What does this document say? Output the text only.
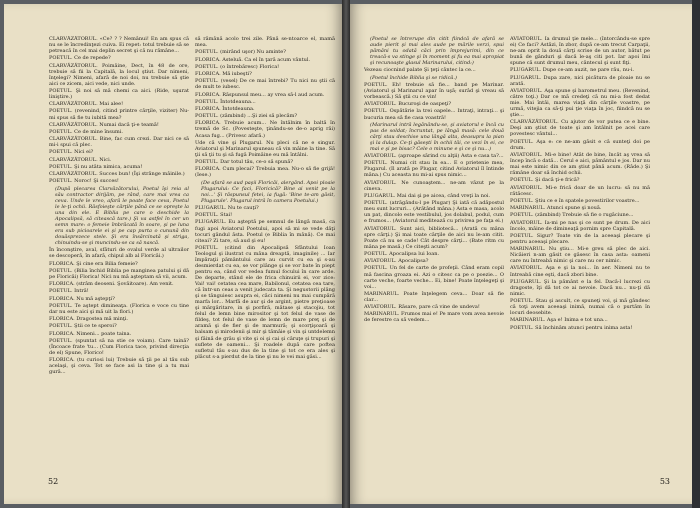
CLARVĂZĂTORUL. «Ce? ? ? Nemănui! En am spus că nu se le încredinţezi cuiva. Ei repet: totul trebuie să se petreacă în cel mai deplin secret şi că nu rămâne...

POETUL. Ce de repede?

CLARVĂZĂTORUL. Poimâine, Dect, în 48 de ore, trebuie să fii la Capitală, la locul ştiut. Dar nimeni, înţelegi? Nimeni, afară de noi doi, nu trebuie să ştie aici ce zicem, aici vede, nici unde.

POETUL. Şi noi să mă chemi ca aici. (Ride, uşurat liniştire.)

CLARVĂZĂTORUL. Mai alee!

POETUL. (revenind, citind printre cărţile, viziter) Nu-mi spus să fie tu iubită mea?

CLARVĂZĂTORUL. Numai dacă ţi-e teamă!

POETUL. Ce de mine însumi.

CLARVĂZĂTORUL. Bine, fac cum crezi. Dar nici ce să mi-i spui că plec.

POETUL. Nici ei?

CLARVĂZĂTORUL. Nici.

POETUL. Şi nu atâta nimica, acuma!

CLARVĂZĂTORUL. Succes bun! (Îşi strânge mâinile.)

POETUL. Noroc! Şi succes!

(După plecarea Clarvăzătorului, Poetul îşi reia al său contractor dirijăm, pe rând, care mai vrea ca ceva. Unde le vreo, afară le poate face ceva, Poetul le le-ţi ochii. Răsfoieşte cărţile până ce se opreşte la una din ele. E Biblia pe care o deschide la Apocalipsă, să citească tare.) Şi va astfel în cer un semn mare: o femeie îmbrăcată în soare, şi pe luna era sub picioarele ei şi pe cap purta o cunună din douăsprezece stele. Şi era însărcinată şi striga, chinuindu-se şi muncindu-se ca să nască.

În înconştire, aval, sfâturi de ovalul verde al ultrailor se descoperă, în afară, chipul alb al Floricăi.)

FLORICA. Şi cine era Bilia femeie?

POETUL. (Bilia închid Biblia pe manginea patului şi dă pe Floricăi) Florica! Nici nu mă aşteptam să vii, acum.

FLORICA. (strâm deoseni. Şovăitoare). Am venit.

POETUL. Intră!

FLORICA. Nu mă aştepţi?

POETUL. Te aştept dimineaţa. (Florica e voce cu tine dar nu este aici şi mă uit la flori.)

FLORICA. Dragostea mă minţi.

POETUL. Ştii ce te speroi?

FLORICA. Nimeni... poate taina.

POETUL. (spuntat să na stie ce voiam). Care taină? (Încoace frate 'tu... (Cum Florica tace, privind direcţia de el) Spune, Florico!

FLORICA. (tu curiosi lui) Trebuie să ţii pe al tău sub acelaşi, şi ceva. Tot se face asi la tine şi a tu mai gură...

să rămână acolo trei zile. Până se-ntoarce el, mamă mea.

POETUL. (mirând uşor) Nu aminte?

FLORICA. Asteluă. Ca el în ţară acum vântul.

POETUL. (o întrebăresc) Florica!

FLORICA. Mă iubeşti?

POETUL. (vesel) De ce mai întrebi? Tu nici nu ştii că de mult te iubesc.

FLORICA. Răspunsul meu... ay vrea să-l aud acum.

POETUL. Întotdeauna...

FLORICA. Întotdeauna.

POETUL. (zâmbind) ...Şi ziei să plecăm?

FLORICA. Trebuie acum... Ne întâlnim în baltă în tremă de Sc. (Povesteşte, ţinându-se de-o aprig răi) Acasa fug... (Privesc afară.)

Ude că vine şi Plugarul. Nu pleci că ne e singur. Aviatorul şi Marinarul spuneau că vin mâine la tine. Să ţii să ţii tu şi să fugă Poimâine eu mă întâlni.

POETUL. Dar totul tău, ce-o să spună?

FLORICA. Cum plecai? Trebuia mea. Nu-o să fie grijă! (Iese.)

(De afară se aud paşii Floricăi, alergând. Apoi ploaie Plugarului: Ce faci, Floricică? Bine ai venit pe la noi...' Şi râspunsul fetei, ia fugă: 'Bine te-am găsit, Plugarule'. Plugarul intră în camera Poetului.)

PLUGARUL. Nu te cauţi?

POETUL. Stai!

PLUGARUL. Eu aşteptă pe semnul de lângă masă, ca fugi apoi Aviatorul Poetului, apoi să mi se vede dăţi tocuri gândul ăsta. Poetul (e Biblia în mână). Ce mai citeai? Zi tare, să aud şi eu!

POETUL. (citind din Apocalipsă Sfântului Ioan Teologul şi ilustrat cu mâna dreaptă, imaginile) ... Iar împăraţii pământului care au curvit cu ea şi s-au desmierdat cu ea, se vor plânge şi se vor bate în piept pentru ea, când vor vedea fumul focului în care arde. De departe, stând ele de frica chinuirii ei, vor zice: Vai! vai! cetatea cea mare, Babilonul, cetatea cea tare, că într-un ceas a venit judecata ta. Şi negustorii plâng şi se tânguiesc asupra ei, căci nimeni nu mai cumpără marfa lor... Marfă de aur şi de argint, pietre preţioase şi mărgăritare, in şi porfiră, mătase şi stacojiu, tot felul de lemn bine mirositor şi tot felul de vase de fildeş, tot felul de vase de lemn de mare preţ şi de aramă şi de fier şi de marmură; şi scorţişoară şi balsam şi mirodenii şi mir şi tămâie şi vin şi untdelemn şi făină de grâu şi vite şi oi şi cai şi căruţe şi trupuri şi suflete de oameni... Şi roadele după care poftea sufletul tău s-au dus de la tine şi tot ce era ales şi plăcut s-a pierdut de la tine şi nu le vei mai găsi...

52

(Poetul se întrerupe din citit fiindcă de afară se aude pierit şi mai ales aude pe mările verzi, spui pămâni tu odată căci prin împrejurimi, din ce treacă-s va stinge şi în moment şi fu ea mai apropiat şi recunoaşte glasul Marinarului, citind:)

Vezeau ciocnind palate Şi ţeţi cântec la ce...

(Poetul închide Biblia şi se ridică.)

POETUL. Eh! trebuie să fie... band pe Marinar. (Aviatorul şi Marinarul apar în uşă; surâd şi vreau să vorbească.) Să ştii cu ce vin!

AVIATORUL. Bucuroşi de oaspeţi?

POETUL. Ospătărie la trei oapele... Intraţi, intraţi... şi bucuria mea să fie casa voastră!

(Marinarul intră legănându-se, şi aviatorul e încă cu pas de soldat; încruntat, pe lângă masă: cele două cărţi stau deschise una lângă alta, deasupra la pian şi la dulap. Ce-ţi găseşti în ochii tăi, ce vezi în ei, ce mai e şi pe bisac? Cele o minune e şi ce şi nu...)

AVIATORUL. (aproape sărind cu alţii) Asta e casa ta?...

POETUL. Numai cit stau în ea... E o prietenie mea, Plugarul. (Il arată pe Plugar, citind Aviatorul îl întinde mâna.) Cu aceasta nu mi-ai spus nimic...

AVIATORUL. Ne cunoaştem... ne-am văzut pe la cineva.

PLUGARUL. Mai dai şi pe aicea, când vreţi la noi.

POETUL. (atrăgându-l pe Plugar) Şi iată că adăpostul meu sunt lucruri... (Arătând mâna.) Asta e masa, acolo un pat, dincolo este vestibulul, jos dolabul, podul, cum e frumos... (Aviatorul meditează cu privirea pe faţa ei.)

AVIATORUL. Sunt aici, bibliotecă... (Arată cu mâna spre cărţi.) Şi mai toate cărţile de aici nu le-am citit. Poate că nu se cade! Cât despre cărţi... (Bate ritm cu mâna pe masă.) Ce citeşti acum?

POETUL. Apocalipsa lui Ioan.

AVIATORUL. Apocalipsa?

POETUL. Un fel de carte de profeţii. Când eram copil mă fascina groaza ei. Azi o citesc ca pe o poezie... O carte veche, foarte veche... Ei, bine! Poate înţelegeţi şi voi...

MARINARUL. Poate înţelegem ceva... Doar să fie clar...

AVIATORUL. Răsare, pare că vine de undeva!

MARINARUL. Frumos mai e! Pe mare vom avea nevoie de ferestre ca să vedem...

AVIATORUL. Ia drumul ţie mele... (întorcându-se spre ei) Ce faci? Astăzi, în zbor, după ce-am trecut Carpaţii, ne-am oprit la două cărţi scrise de un autor, bătut pe bună de gânduri şi dacă le-aş citi pot. Iar apoi îmi spune că sunt drumul meu, cântecul şi sunt fiţi.

PLUGARUL. Dupe ce-am auzit, ne pare rău, nu-i.

PLUGARUL. Dupa zare, nici picătura de ploaie nu se arată.

AVIATORUL. Aşa spune şi barometrul meu. (Revenind, către toţi.) Dar ce mă credeţi că nu mi-a fost dedat mie. Mai întâi, marea viaţă din cărţile voastre, pe urmă, vitejia ca să-ţi pui ţie viaţa în joc, fiindcă nu se ştie...

CLARVĂZĂTORUL. Cu ajutor de vor putea ce e bine. Deşi am ştiut de toate şi am întâlnit pe acei care povestesc vântul...

POETUL. Aşa e: ce ne-am găsit e că sunteţi doi pe drum.

AVIATORUL. Mi-e bine! Atât de bine, încât aş vrea să încep încă o dată... Cerul e aici, pământul e jos. Dar nu mai este nimic din ce am ştiut până acum. (Râde.) Şi rămâne doar să închid ochii.

POETUL. Şi dacă ţi-e frică?

AVIATORUL. Mi-e frică doar de un lucru: să nu mă rătăcesc.

POETUL. Ştiu ce e în spatele povestirilor voastre...

MARINARUL. Atunci spune şi nouă.

POETUL. (zâmbind) Trebuie să fie o rugăciune...

AVIATORUL. Ia-mi pe nas şi ce sunt pe drum. De aici încolo, mâine de dimineaţă pornim spre Capitală.

POETUL. Sigur? Toate vin de la aceeaşi plecare şi pentru aceeaşi plecare.

MARINARUL. Nu ştiu... Mi-e greu să plec de aici. Nicăieri n-am găsit ce găsesc în casa asta: oameni care nu întreabă nimic şi care nu cer nimic.

AVIATORUL. Aşa e şi la noi... în aer. Nimeni nu te întreabă cine eşti, dacă zbori bine.

PLUGARUL. Şi la pământ e la fel. Dacă-l lucrezi cu dragoste, îţi dă tot ce ai nevoie. Dacă nu... nu-ţi dă nimic.

POETUL. Stau şi ascult, ce spuneţi voi, şi mă gândesc că toţi avem aceeaşi inimă, numai că o purtăm în locuri deosebite.

MARINARUL. Aşa e! Inima e tot una...

POETUL. Să închinăm atunci pentru inima asta!

53
